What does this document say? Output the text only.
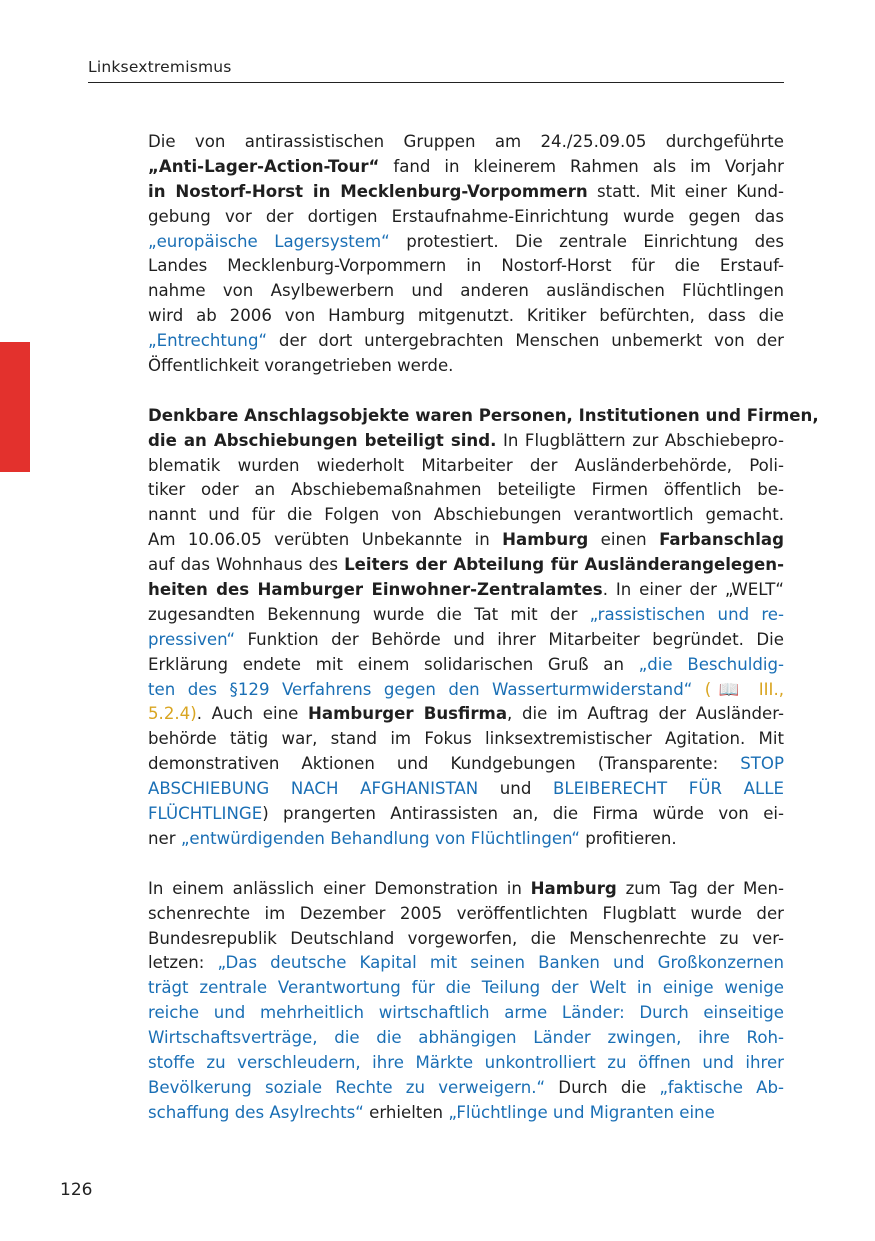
Linksextremismus
Die von antirassistischen Gruppen am 24./25.09.05 durchgeführte
„Anti-Lager-Action-Tour“ fand in kleinerem Rahmen als im Vorjahr
in Nostorf-Horst in Mecklenburg-Vorpommern statt. Mit einer Kund-
gebung vor der dortigen Erstaufnahme-Einrichtung wurde gegen das
„europäische Lagersystem“ protestiert. Die zentrale Einrichtung des
Landes Mecklenburg-Vorpommern in Nostorf-Horst für die Erstauf-
nahme von Asylbewerbern und anderen ausländischen Flüchtlingen
wird ab 2006 von Hamburg mitgenutzt. Kritiker befürchten, dass die
„Entrechtung“ der dort untergebrachten Menschen unbemerkt von der
Öffentlichkeit vorangetrieben werde.
Denkbare Anschlagsobjekte waren Personen, Institutionen und Firmen,
die an Abschiebungen beteiligt sind. In Flugblättern zur Abschiebepro-
blematik wurden wiederholt Mitarbeiter der Ausländerbehörde, Poli-
tiker oder an Abschiebemaßnahmen beteiligte Firmen öffentlich be-
nannt und für die Folgen von Abschiebungen verantwortlich gemacht.
Am 10.06.05 verübten Unbekannte in Hamburg einen Farbanschlag
auf das Wohnhaus des Leiters der Abteilung für Ausländerangelegen-
heiten des Hamburger Einwohner-Zentralamtes. In einer der „WELT“
zugesandten Bekennung wurde die Tat mit der „rassistischen und re-
pressiven“ Funktion der Behörde und ihrer Mitarbeiter begründet. Die
Erklärung endete mit einem solidarischen Gruß an „die Beschuldig-
ten des §129 Verfahrens gegen den Wasserturmwiderstand“ (📖 III.,
5.2.4). Auch eine Hamburger Busfirma, die im Auftrag der Ausländer-
behörde tätig war, stand im Fokus linksextremistischer Agitation. Mit
demonstrativen Aktionen und Kundgebungen (Transparente: STOP
ABSCHIEBUNG NACH AFGHANISTAN und BLEIBERECHT FÜR ALLE
FLÜCHTLINGE) prangerten Antirassisten an, die Firma würde von ei-
ner „entwürdigenden Behandlung von Flüchtlingen“ profitieren.
In einem anlässlich einer Demonstration in Hamburg zum Tag der Men-
schenrechte im Dezember 2005 veröffentlichten Flugblatt wurde der
Bundesrepublik Deutschland vorgeworfen, die Menschenrechte zu ver-
letzen: „Das deutsche Kapital mit seinen Banken und Großkonzernen
trägt zentrale Verantwortung für die Teilung der Welt in einige wenige
reiche und mehrheitlich wirtschaftlich arme Länder: Durch einseitige
Wirtschaftsverträge, die die abhängigen Länder zwingen, ihre Roh-
stoffe zu verschleudern, ihre Märkte unkontrolliert zu öffnen und ihrer
Bevölkerung soziale Rechte zu verweigern.“ Durch die „faktische Ab-
schaffung des Asylrechts“ erhielten „Flüchtlinge und Migranten eine
126
